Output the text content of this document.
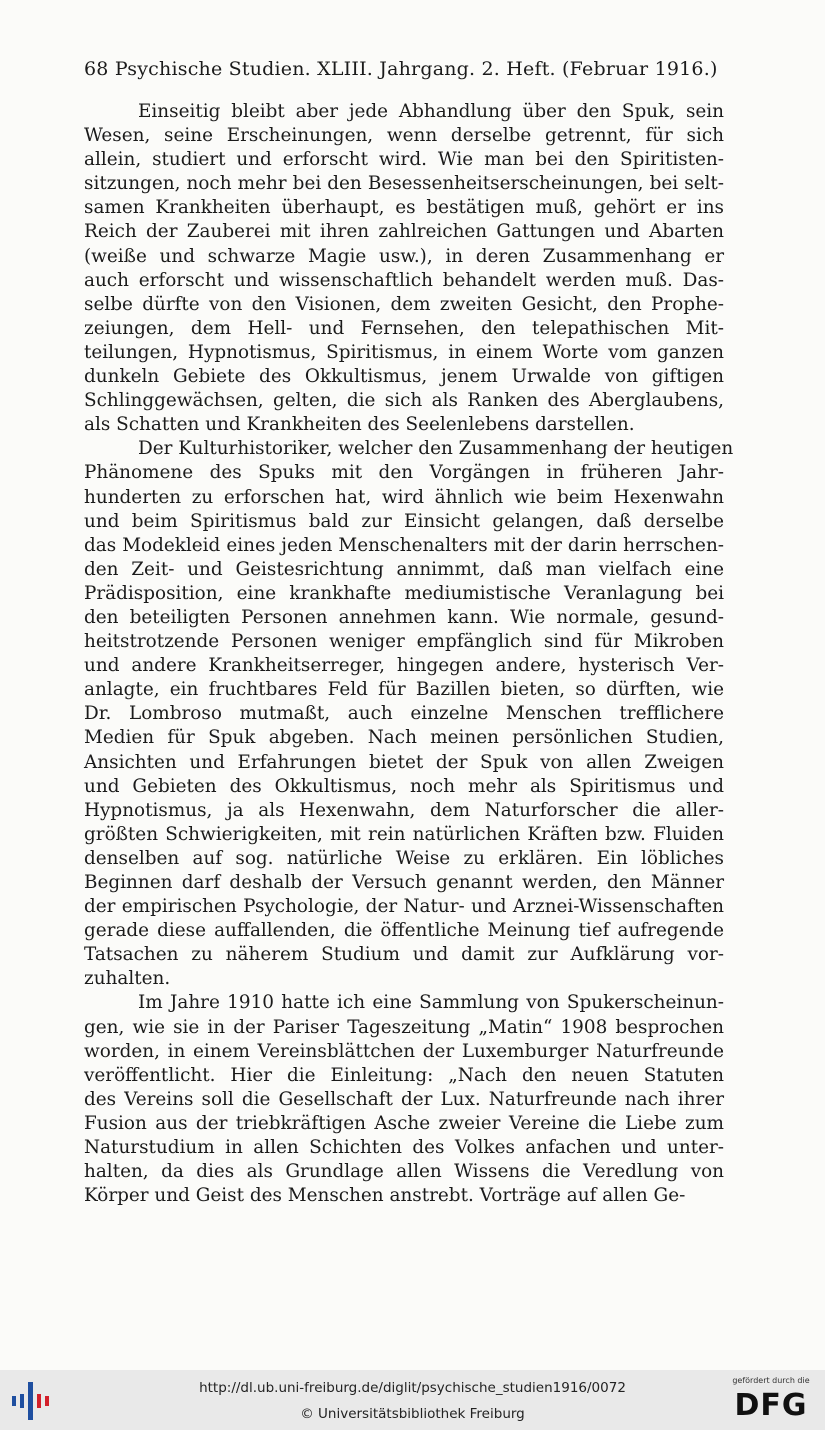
68 Psychische Studien. XLIII. Jahrgang. 2. Heft. (Februar 1916.)
Einseitig bleibt aber jede Abhandlung über den Spuk, sein
Wesen, seine Erscheinungen, wenn derselbe getrennt, für sich
allein, studiert und erforscht wird. Wie man bei den Spiritisten-
sitzungen, noch mehr bei den Besessenheitserscheinungen, bei selt-
samen Krankheiten überhaupt, es bestätigen muß, gehört er ins
Reich der Zauberei mit ihren zahlreichen Gattungen und Abarten
(weiße und schwarze Magie usw.), in deren Zusammenhang er
auch erforscht und wissenschaftlich behandelt werden muß. Das-
selbe dürfte von den Visionen, dem zweiten Gesicht, den Prophe-
zeiungen, dem Hell- und Fernsehen, den telepathischen Mit-
teilungen, Hypnotismus, Spiritismus, in einem Worte vom ganzen
dunkeln Gebiete des Okkultismus, jenem Urwalde von giftigen
Schlinggewächsen, gelten, die sich als Ranken des Aberglaubens,
als Schatten und Krankheiten des Seelenlebens darstellen.
Der Kulturhistoriker, welcher den Zusammenhang der heutigen
Phänomene des Spuks mit den Vorgängen in früheren Jahr-
hunderten zu erforschen hat, wird ähnlich wie beim Hexenwahn
und beim Spiritismus bald zur Einsicht gelangen, daß derselbe
das Modekleid eines jeden Menschenalters mit der darin herrschen-
den Zeit- und Geistesrichtung annimmt, daß man vielfach eine
Prädisposition, eine krankhafte mediumistische Veranlagung bei
den beteiligten Personen annehmen kann. Wie normale, gesund-
heitstrotzende Personen weniger empfänglich sind für Mikroben
und andere Krankheitserreger, hingegen andere, hysterisch Ver-
anlagte, ein fruchtbares Feld für Bazillen bieten, so dürften, wie
Dr. Lombroso mutmaßt, auch einzelne Menschen trefflichere
Medien für Spuk abgeben. Nach meinen persönlichen Studien,
Ansichten und Erfahrungen bietet der Spuk von allen Zweigen
und Gebieten des Okkultismus, noch mehr als Spiritismus und
Hypnotismus, ja als Hexenwahn, dem Naturforscher die aller-
größten Schwierigkeiten, mit rein natürlichen Kräften bzw. Fluiden
denselben auf sog. natürliche Weise zu erklären. Ein löbliches
Beginnen darf deshalb der Versuch genannt werden, den Männer
der empirischen Psychologie, der Natur- und Arznei-Wissenschaften
gerade diese auffallenden, die öffentliche Meinung tief aufregende
Tatsachen zu näherem Studium und damit zur Aufklärung vor-
zuhalten.
Im Jahre 1910 hatte ich eine Sammlung von Spukerscheinun-
gen, wie sie in der Pariser Tageszeitung „Matin“ 1908 besprochen
worden, in einem Vereinsblättchen der Luxemburger Naturfreunde
veröffentlicht. Hier die Einleitung: „Nach den neuen Statuten
des Vereins soll die Gesellschaft der Lux. Naturfreunde nach ihrer
Fusion aus der triebkräftigen Asche zweier Vereine die Liebe zum
Naturstudium in allen Schichten des Volkes anfachen und unter-
halten, da dies als Grundlage allen Wissens die Veredlung von
Körper und Geist des Menschen anstrebt. Vorträge auf allen Ge-
http://dl.ub.uni-freiburg.de/diglit/psychische_studien1916/0072
© Universitätsbibliothek Freiburg
gefördert durch die
DFG
